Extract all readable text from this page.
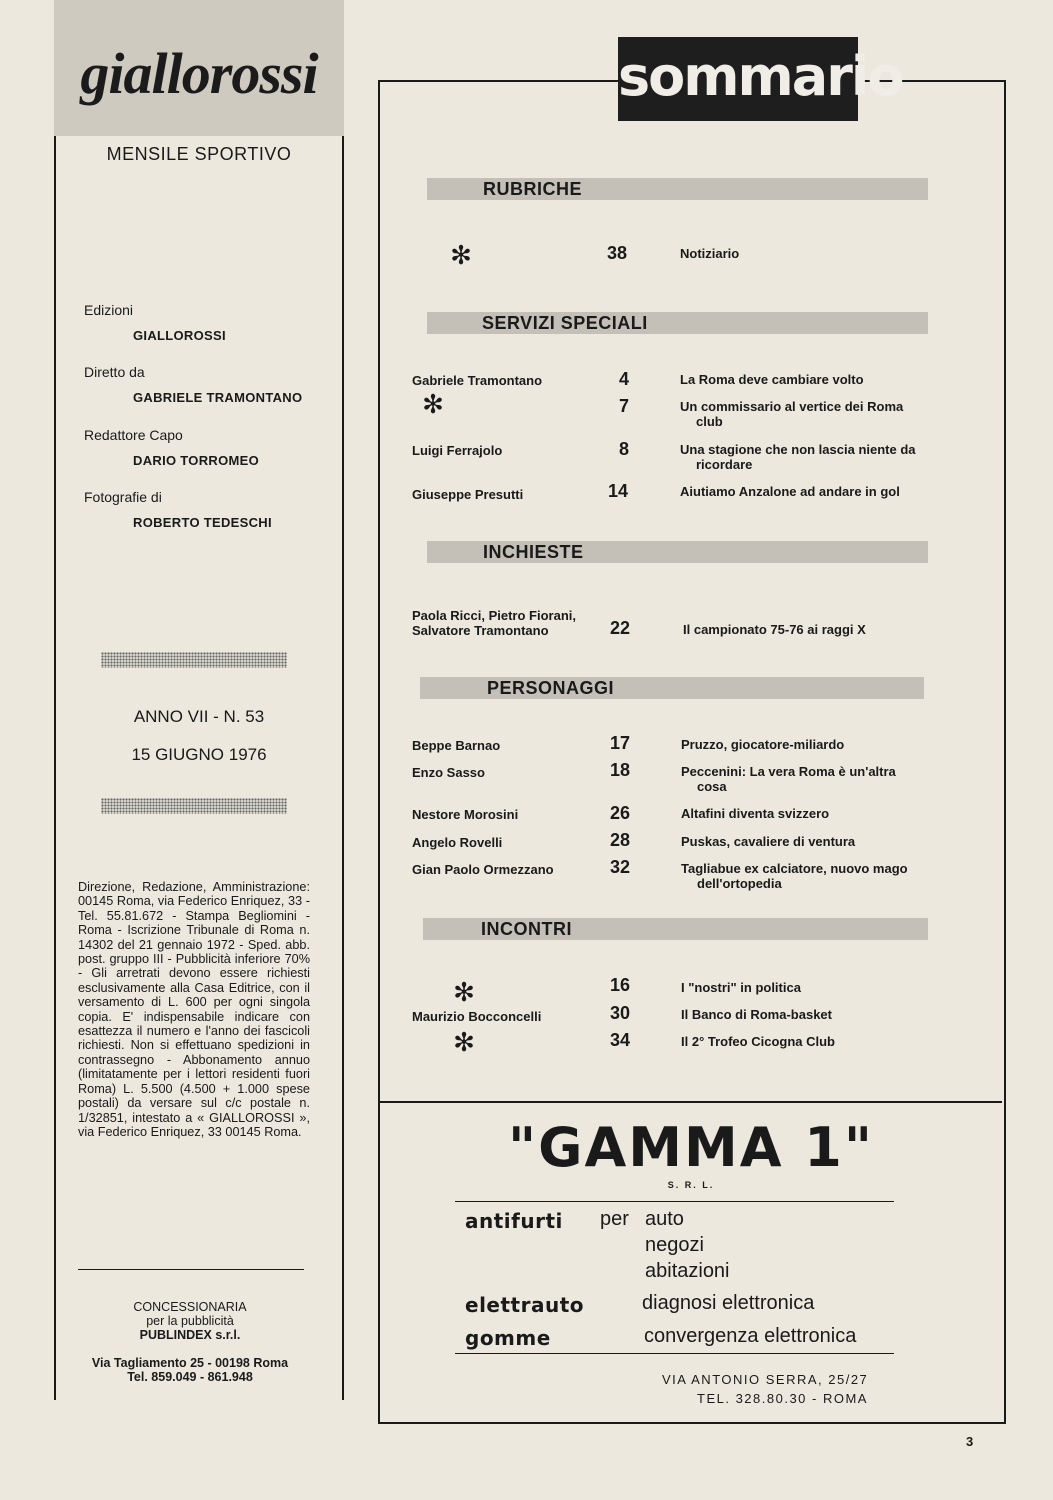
giallorossi
MENSILE SPORTIVO
Edizioni
GIALLOROSSI
Diretto da
GABRIELE TRAMONTANO
Redattore Capo
DARIO TORROMEO
Fotografie di
ROBERTO TEDESCHI
ANNO VII - N. 53
15 GIUGNO 1976
Direzione, Redazione, Amministrazione: 00145 Roma, via Federico Enriquez, 33 - Tel. 55.81.672 - Stampa Begliomini - Roma - Iscrizione Tribunale di Roma n. 14302 del 21 gennaio 1972 - Sped. abb. post. gruppo III - Pubblicità inferiore 70% - Gli arretrati devono essere richiesti esclusivamente alla Casa Editrice, con il versamento di L. 600 per ogni singola copia. E' indispensabile indicare con esattezza il numero e l'anno dei fascicoli richiesti. Non si effettuano spedizioni in contrassegno - Abbonamento annuo (limitatamente per i lettori residenti fuori Roma) L. 5.500 (4.500 + 1.000 spese postali) da versare sul c/c postale n. 1/32851, intestato a « GIALLOROSSI », via Federico Enriquez, 33 00145 Roma.
CONCESSIONARIA
per la pubblicità
PUBLINDEX s.r.l.
Via Tagliamento 25 - 00198 Roma
Tel. 859.049 - 861.948
sommario
RUBRICHE
✻	38	Notiziario
SERVIZI SPECIALI
Gabriele Tramontano	4	La Roma deve cambiare volto
✻	7	Un commissario al vertice dei Roma
club
Luigi Ferrajolo	8	Una stagione che non lascia niente da
ricordare
Giuseppe Presutti	14	Aiutiamo Anzalone ad andare in gol
INCHIESTE
Paola Ricci, Pietro Fiorani,
Salvatore Tramontano	22	Il campionato 75-76 ai raggi X
PERSONAGGI
Beppe Barnao	17	Pruzzo, giocatore-miliardo
Enzo Sasso	18	Peccenini: La vera Roma è un'altra
cosa
Nestore Morosini	26	Altafini diventa svizzero
Angelo Rovelli	28	Puskas, cavaliere di ventura
Gian Paolo Ormezzano	32	Tagliabue ex calciatore, nuovo mago
dell'ortopedia
INCONTRI
✻	16	I "nostri" in politica
Maurizio Bocconcelli	30	Il Banco di Roma-basket
✻	34	Il 2° Trofeo Cicogna Club
"GAMMA 1"
S. R. L.
antifurti per auto
negozi
abitazioni
elettrauto	diagnosi elettronica
gomme	convergenza elettronica
VIA ANTONIO SERRA, 25/27
TEL. 328.80.30 - ROMA
3
